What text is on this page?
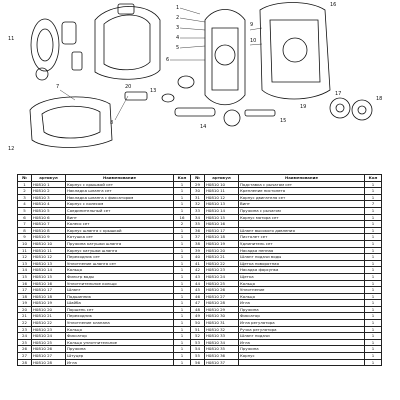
1
2
3
4
5
6
7
8
9
10
11
12
13
14
15
16
17
18
19
20
№	артикул	Наименование	Кол	№	артикул	Наименование	Кол
1	H0810 1	Корпус с крышкой сет	1	29	H0810 10	Подставка с рычагом сет	1
2	H0810 2	Накладка шланга сет	1	30	H0810 11	Крепление пистолета	1
3	H0810 3	Накладка шланга с фиксатором	1	31	H0810 12	Корпус двигателя сет	1
4	H0810 4	Корпус с колесом	1	32	H0810 13	Винт	7
5	H0810 5	Соединительный сет	1	33	H0810 14	Пружина с рычагом	1
6	H0810 6	Винт	16	34	H0810 15	Корпус мотора сет	1
7	H0810 7	Колесо сет	2	35	H0810 16		1
8	H0810 8	Корпус шланга с крышкой	1	36	H0810 17	Шланг высокого давления	1
9	H0810 9	Катушка сет	1	37	H0810 18	Пистолет сет	1
10	H0810 10	Пружина катушки шланга	1	38	H0810 19	Удлинитель сет	1
11	H0810 11	Корпус катушки шланга	1	39	H0810 20	Насадка пенная	1
12	H0810 12	Переходник сет	1	40	H0810 21	Шланг подачи воды	1
13	H0810 13	Уплотнение шланга сет	1	41	H0810 22	Щетка поворотная	1
14	H0810 14	Кольцо	1	42	H0810 23	Насадка форсунка	1
15	H0810 15	Фильтр воды	1	43	H0810 24	Щетка	1
16	H0810 16	Уплотнительное кольцо	1	44	H0810 25	Кольцо	1
17	H0810 17	Шланг	1	45	H0810 26	Уплотнение	1
18	H0810 18	Подшипник	1	46	H0810 27	Кольцо	1
19	H0810 19	Шайба	1	47	H0810 28	Игла	1
20	H0810 20	Поршень сет	1	48	H0810 29	Пружина	1
21	H0810 21	Переходник	1	49	H0810 30	Фиксатор	1
22	H0810 22	Уплотнение клапана	1	50	H0810 31	Игла регулятора	1
23	H0810 23	Кольцо	1	51	H0810 32	Ручка регулятора	1
24	H0810 24	Фиксатор	1	52	H0810 33	Шланг подачи	1
25	H0810 25	Кольцо уплотнительное	1	53	H0810 34	Игла	1
26	H0810 26	Пружина	1	54	H0810 35	Пружина	1
27	H0810 27	Штуцер	1	55	H0810 36	Корпус	1
28	H0810 28	Игла	1	56	H0810 37		1
